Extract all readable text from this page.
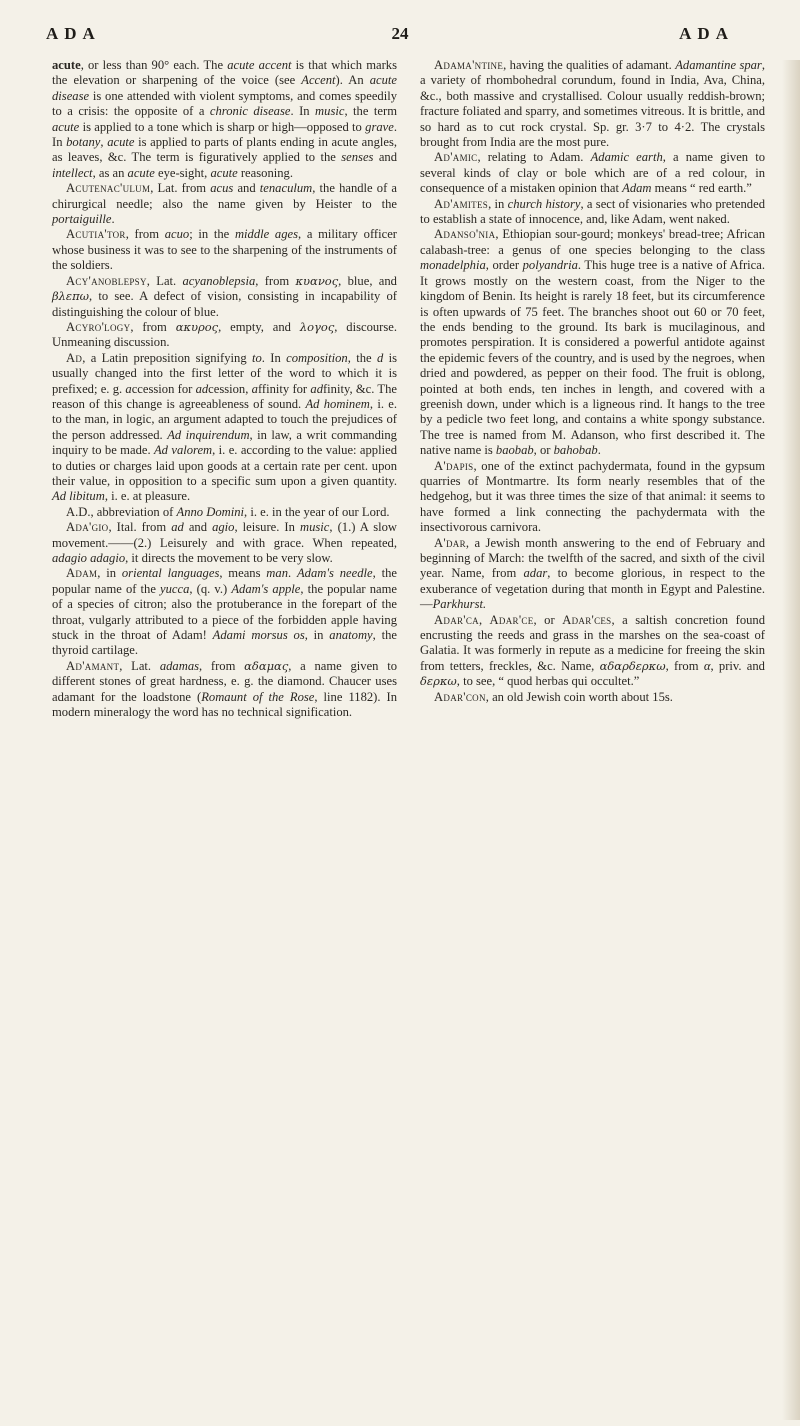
ADA	24	ADA

acute, or less than 90° each. The acute accent is that which marks the elevation or sharpening of the voice (see Accent). An acute disease is one attended with violent symptoms, and comes speedily to a crisis: the opposite of a chronic disease. In music, the term acute is applied to a tone which is sharp or high—opposed to grave. In botany, acute is applied to parts of plants ending in acute angles, as leaves, &c. The term is figuratively applied to the senses and intellect, as an acute eye-sight, acute reasoning.

Acutenac'ulum, Lat. from acus and tenaculum, the handle of a chirurgical needle; also the name given by Heister to the portaiguille.

Acutia'tor, from acuo; in the middle ages, a military officer whose business it was to see to the sharpening of the instruments of the soldiers.

Acy'anoblepsy, Lat. acyanoblepsia, from κυανος, blue, and βλεπω, to see. A defect of vision, consisting in incapability of distinguishing the colour of blue.

Acyro'logy, from ακυρος, empty, and λογος, discourse. Unmeaning discussion.

Ad, a Latin preposition signifying to. In composition, the d is usually changed into the first letter of the word to which it is prefixed; e. g. accession for adcession, affinity for adfinity, &c. The reason of this change is agreeableness of sound. Ad hominem, i. e. to the man, in logic, an argument adapted to touch the prejudices of the person addressed. Ad inquirendum, in law, a writ commanding inquiry to be made. Ad valorem, i. e. according to the value: applied to duties or charges laid upon goods at a certain rate per cent. upon their value, in opposition to a specific sum upon a given quantity. Ad libitum, i. e. at pleasure.

A.D., abbreviation of Anno Domini, i. e. in the year of our Lord.

Ada'gio, Ital. from ad and agio, leisure. In music, (1.) A slow movement.——(2.) Leisurely and with grace. When repeated, adagio adagio, it directs the movement to be very slow.

Adam, in oriental languages, means man. Adam's needle, the popular name of the yucca, (q. v.) Adam's apple, the popular name of a species of citron; also the protuberance in the forepart of the throat, vulgarly attributed to a piece of the forbidden apple having stuck in the throat of Adam! Adami morsus os, in anatomy, the thyroid cartilage.

Ad'amant, Lat. adamas, from αδαμας, a name given to different stones of great hardness, e. g. the diamond. Chaucer uses adamant for the loadstone (Romaunt of the Rose, line 1182). In modern mineralogy the word has no technical signification.

Adama'ntine, having the qualities of adamant. Adamantine spar, a variety of rhombohedral corundum, found in India, Ava, China, &c., both massive and crystallised. Colour usually reddish-brown; fracture foliated and sparry, and sometimes vitreous. It is brittle, and so hard as to cut rock crystal. Sp. gr. 3·7 to 4·2. The crystals brought from India are the most pure.

Ad'amic, relating to Adam. Adamic earth, a name given to several kinds of clay or bole which are of a red colour, in consequence of a mistaken opinion that Adam means “ red earth.”

Ad'amites, in church history, a sect of visionaries who pretended to establish a state of innocence, and, like Adam, went naked.

Adanso'nia, Ethiopian sour-gourd; monkeys' bread-tree; African calabash-tree: a genus of one species belonging to the class monadelphia, order polyandria. This huge tree is a native of Africa. It grows mostly on the western coast, from the Niger to the kingdom of Benin. Its height is rarely 18 feet, but its circumference is often upwards of 75 feet. The branches shoot out 60 or 70 feet, the ends bending to the ground. Its bark is mucilaginous, and promotes perspiration. It is considered a powerful antidote against the epidemic fevers of the country, and is used by the negroes, when dried and powdered, as pepper on their food. The fruit is oblong, pointed at both ends, ten inches in length, and covered with a greenish down, under which is a ligneous rind. It hangs to the tree by a pedicle two feet long, and contains a white spongy substance. The tree is named from M. Adanson, who first described it. The native name is baobab, or bahobab.

A'dapis, one of the extinct pachydermata, found in the gypsum quarries of Montmartre. Its form nearly resembles that of the hedgehog, but it was three times the size of that animal: it seems to have formed a link connecting the pachydermata with the insectivorous carnivora.

A'dar, a Jewish month answering to the end of February and beginning of March: the twelfth of the sacred, and sixth of the civil year. Name, from adar, to become glorious, in respect to the exuberance of vegetation during that month in Egypt and Palestine.—Parkhurst.

Adar'ca, Adar'ce, or Adar'ces, a saltish concretion found encrusting the reeds and grass in the marshes on the sea-coast of Galatia. It was formerly in repute as a medicine for freeing the skin from tetters, freckles, &c. Name, αδαρδερκω, from α, priv. and δερκω, to see, “ quod herbas qui occultet.”

Adar'con, an old Jewish coin worth about 15s.
